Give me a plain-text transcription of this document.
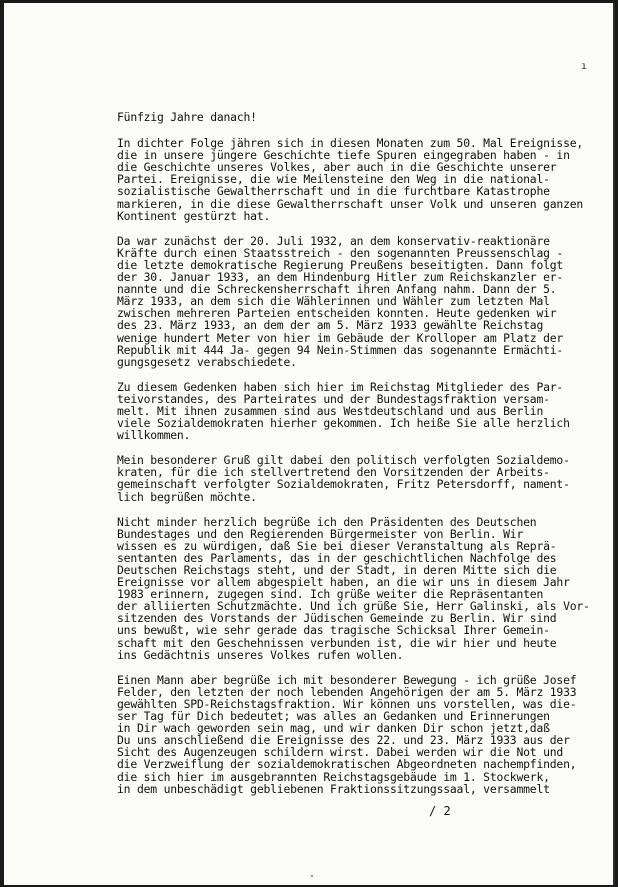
ı
Fünfzig Jahre danach!
In dichter Folge jähren sich in diesen Monaten zum 50. Mal Ereignisse,
die in unsere jüngere Geschichte tiefe Spuren eingegraben haben - in
die Geschichte unseres Volkes, aber auch in die Geschichte unserer
Partei. Ereignisse, die wie Meilensteine den Weg in die national-
sozialistische Gewaltherrschaft und in die furchtbare Katastrophe
markieren, in die diese Gewaltherrschaft unser Volk und unseren ganzen
Kontinent gestürzt hat.
Da war zunächst der 20. Juli 1932, an dem konservativ-reaktionäre
Kräfte durch einen Staatsstreich - den sogenannten Preussenschlag -
die letzte demokratische Regierung Preußens beseitigten. Dann folgt
der 30. Januar 1933, an dem Hindenburg Hitler zum Reichskanzler er-
nannte und die Schreckensherrschaft ihren Anfang nahm. Dann der 5.
März 1933, an dem sich die Wählerinnen und Wähler zum letzten Mal
zwischen mehreren Parteien entscheiden konnten. Heute gedenken wir
des 23. März 1933, an dem der am 5. März 1933 gewählte Reichstag
wenige hundert Meter von hier im Gebäude der Krolloper am Platz der
Republik mit 444 Ja- gegen 94 Nein-Stimmen das sogenannte Ermächti-
gungsgesetz verabschiedete.
Zu diesem Gedenken haben sich hier im Reichstag Mitglieder des Par-
teivorstandes, des Parteirates und der Bundestagsfraktion versam-
melt. Mit ihnen zusammen sind aus Westdeutschland und aus Berlin
viele Sozialdemokraten hierher gekommen. Ich heiße Sie alle herzlich
willkommen.
Mein besonderer Gruß gilt dabei den politisch verfolgten Sozialdemo-
kraten, für die ich stellvertretend den Vorsitzenden der Arbeits-
gemeinschaft verfolgter Sozialdemokraten, Fritz Petersdorff, nament-
lich begrüßen möchte.
Nicht minder herzlich begrüße ich den Präsidenten des Deutschen
Bundestages und den Regierenden Bürgermeister von Berlin. Wir
wissen es zu würdigen, daß Sie bei dieser Veranstaltung als Reprä-
sentanten des Parlaments, das in der geschichtlichen Nachfolge des
Deutschen Reichstags steht, und der Stadt, in deren Mitte sich die
Ereignisse vor allem abgespielt haben, an die wir uns in diesem Jahr
1983 erinnern, zugegen sind. Ich grüße weiter die Repräsentanten
der alliierten Schutzmächte. Und ich grüße Sie, Herr Galinski, als Vor-
sitzenden des Vorstands der Jüdischen Gemeinde zu Berlin. Wir sind
uns bewußt, wie sehr gerade das tragische Schicksal Ihrer Gemein-
schaft mit den Geschehnissen verbunden ist, die wir hier und heute
ins Gedächtnis unseres Volkes rufen wollen.
Einen Mann aber begrüße ich mit besonderer Bewegung - ich grüße Josef
Felder, den letzten der noch lebenden Angehörigen der am 5. März 1933
gewählten SPD-Reichstagsfraktion. Wir können uns vorstellen, was die-
ser Tag für Dich bedeutet; was alles an Gedanken und Erinnerungen
in Dir wach geworden sein mag, und wir danken Dir schon jetzt,daß
Du uns anschließend die Ereignisse des 22. und 23. März 1933 aus der
Sicht des Augenzeugen schildern wirst. Dabei werden wir die Not und
die Verzweiflung der sozialdemokratischen Abgeordneten nachempfinden,
die sich hier im ausgebrannten Reichstagsgebäude im 1. Stockwerk,
in dem unbeschädigt gebliebenen Fraktionssitzungssaal, versammelt
/ 2
·
